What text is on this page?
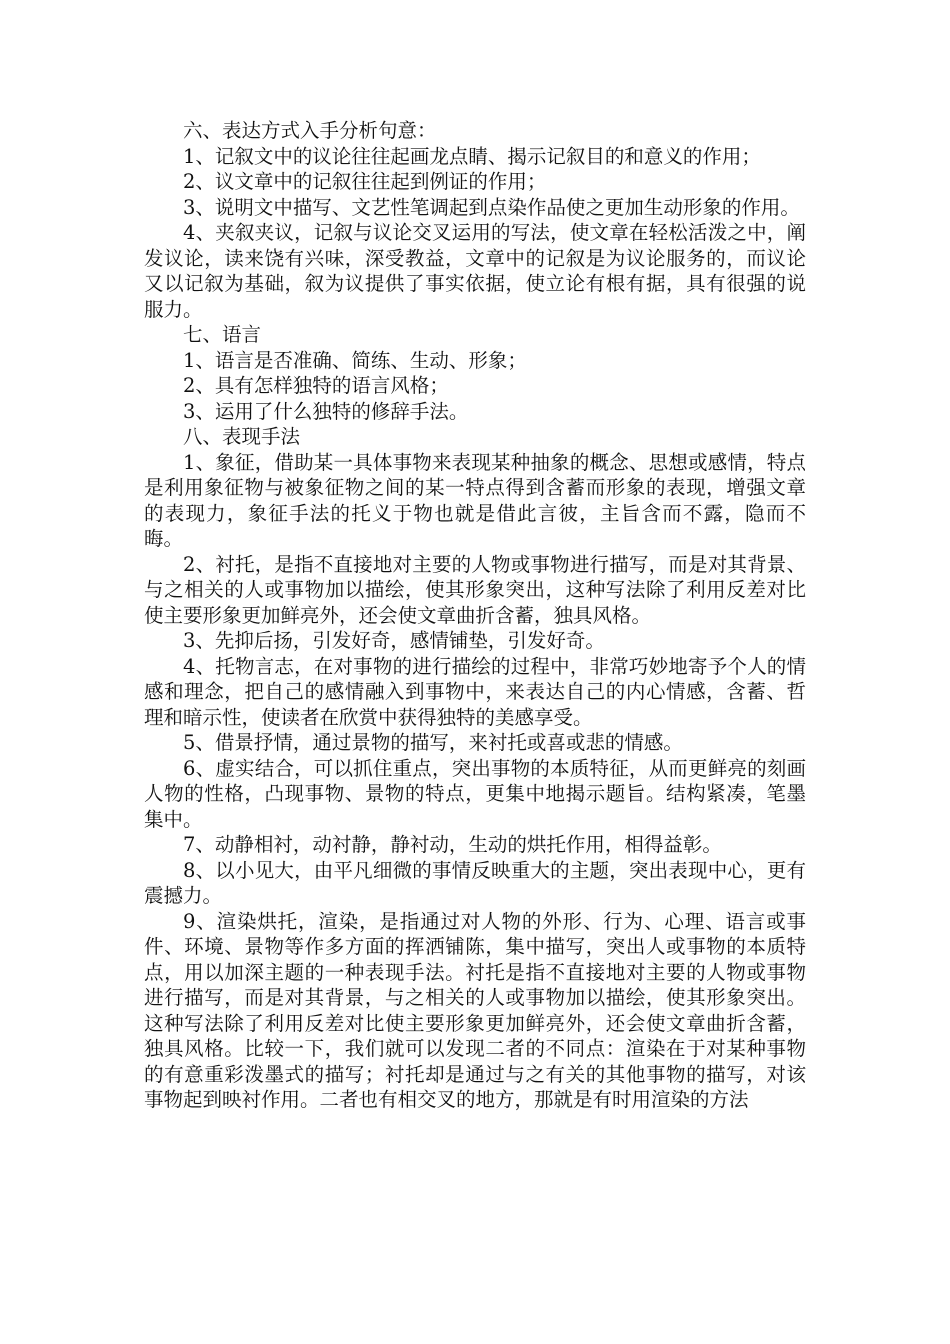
六、表达方式入手分析句意：

1、记叙文中的议论往往起画龙点睛、揭示记叙目的和意义的作用；

2、议文章中的记叙往往起到例证的作用；

3、说明文中描写、文艺性笔调起到点染作品使之更加生动形象的作用。

4、夹叙夹议，记叙与议论交叉运用的写法，使文章在轻松活泼之中，阐发议论，读来饶有兴味，深受教益，文章中的记叙是为议论服务的，而议论又以记叙为基础，叙为议提供了事实依据，使立论有根有据，具有很强的说服力。

七、语言

1、语言是否准确、简练、生动、形象；

2、具有怎样独特的语言风格；

3、运用了什么独特的修辞手法。

八、表现手法

1、象征，借助某一具体事物来表现某种抽象的概念、思想或感情，特点是利用象征物与被象征物之间的某一特点得到含蓄而形象的表现，增强文章的表现力，象征手法的托义于物也就是借此言彼，主旨含而不露，隐而不晦。

2、衬托，是指不直接地对主要的人物或事物进行描写，而是对其背景、与之相关的人或事物加以描绘，使其形象突出，这种写法除了利用反差对比使主要形象更加鲜亮外，还会使文章曲折含蓄，独具风格。

3、先抑后扬，引发好奇，感情铺垫，引发好奇。

4、托物言志，在对事物的进行描绘的过程中，非常巧妙地寄予个人的情感和理念，把自己的感情融入到事物中，来表达自己的内心情感，含蓄、哲理和暗示性，使读者在欣赏中获得独特的美感享受。

5、借景抒情，通过景物的描写，来衬托或喜或悲的情感。

6、虚实结合，可以抓住重点，突出事物的本质特征，从而更鲜亮的刻画人物的性格，凸现事物、景物的特点，更集中地揭示题旨。结构紧凑，笔墨集中。

7、动静相衬，动衬静，静衬动，生动的烘托作用，相得益彰。

8、以小见大，由平凡细微的事情反映重大的主题，突出表现中心，更有震撼力。

9、渲染烘托，渲染，是指通过对人物的外形、行为、心理、语言或事件、环境、景物等作多方面的挥洒铺陈，集中描写，突出人或事物的本质特点，用以加深主题的一种表现手法。衬托是指不直接地对主要的人物或事物进行描写，而是对其背景，与之相关的人或事物加以描绘，使其形象突出。这种写法除了利用反差对比使主要形象更加鲜亮外，还会使文章曲折含蓄，独具风格。比较一下，我们就可以发现二者的不同点：渲染在于对某种事物的有意重彩泼墨式的描写；衬托却是通过与之有关的其他事物的描写，对该事物起到映衬作用。二者也有相交叉的地方，那就是有时用渲染的方法
